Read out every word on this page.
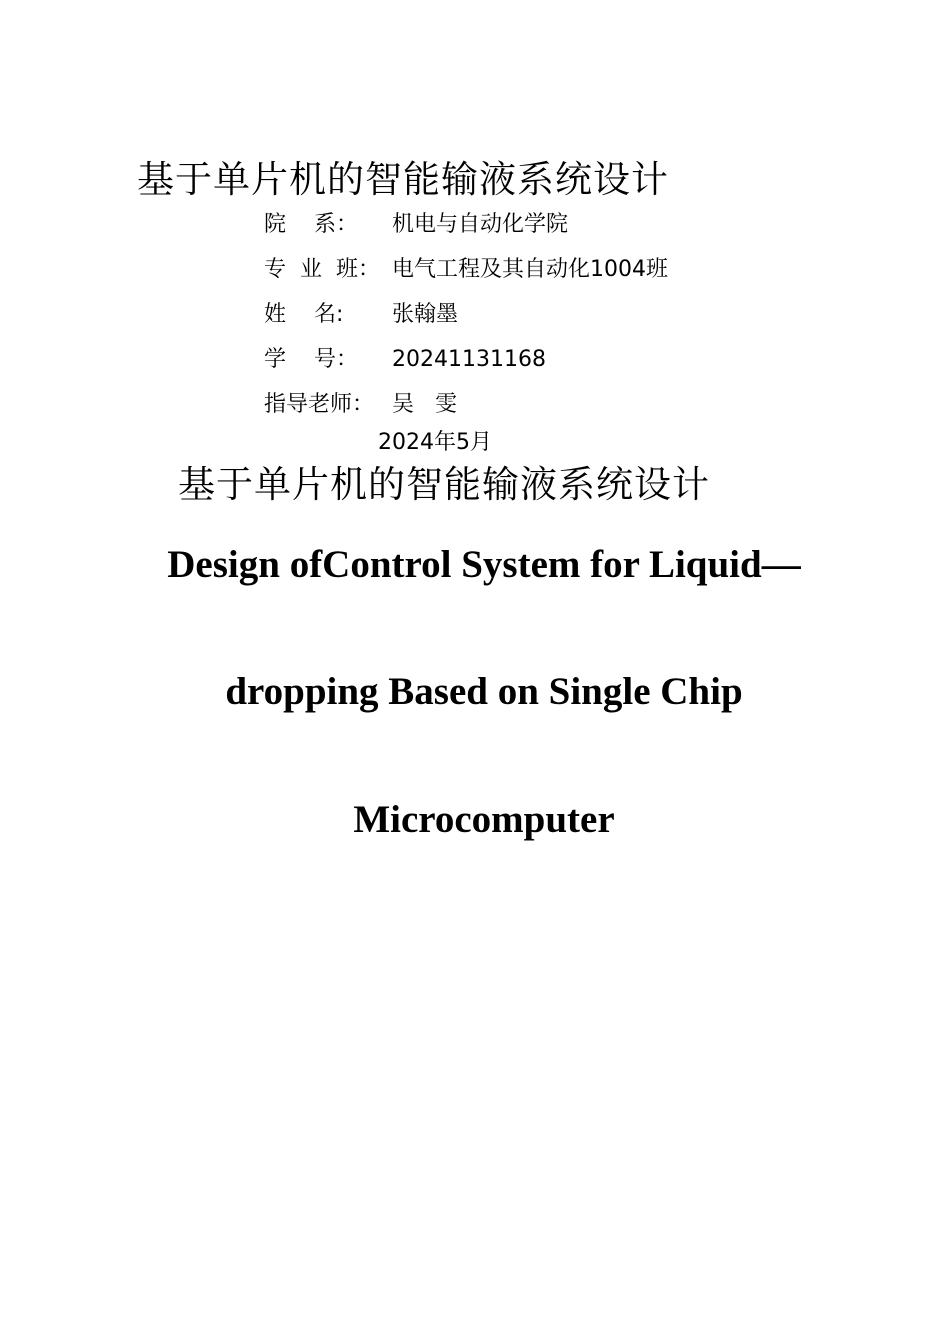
基于单片机的智能输液系统设计
院    系：	机电与自动化学院
专  业  班： 电气工程及其自动化1004班
姓    名:	张翰墨
学    号：	20241131168
指导老师： 吴   雯
2024年5月
基于单片机的智能输液系统设计
Design ofControl System for Liquid—
dropping Based on Single Chip
Microcomputer
